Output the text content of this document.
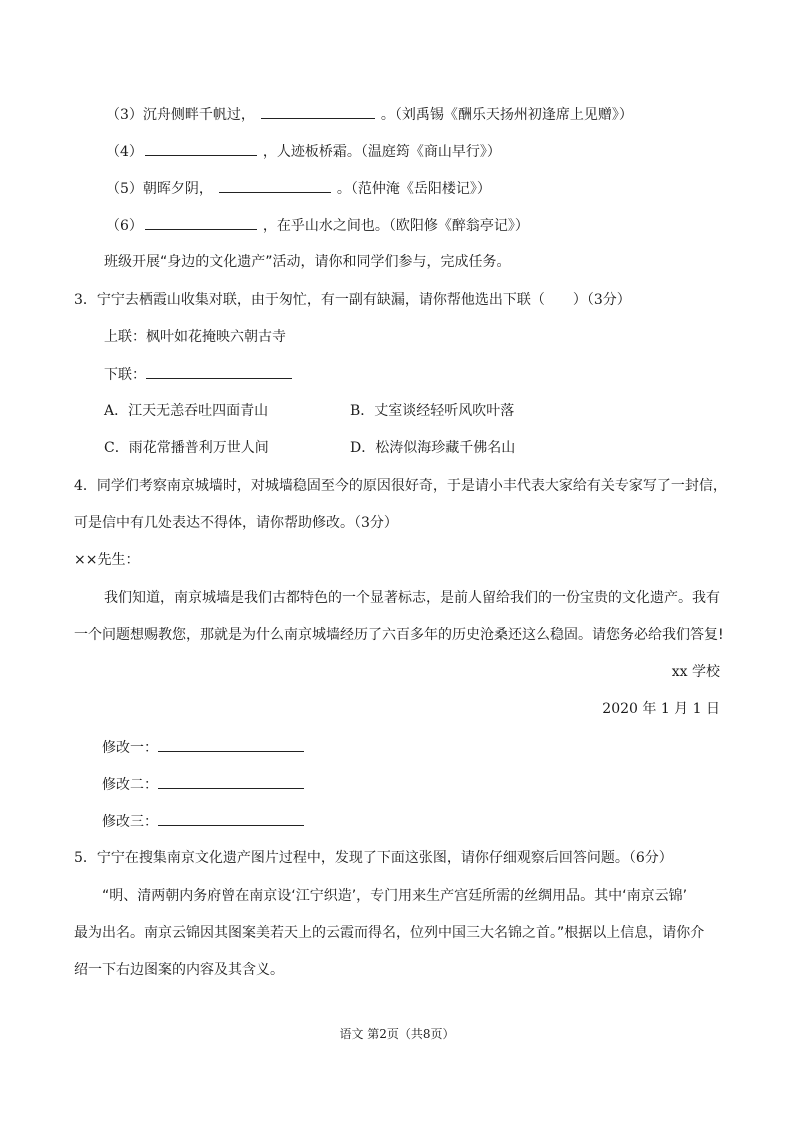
（3）沉舟侧畔千帆过，	。（刘禹锡《酬乐天扬州初逢席上见赠》）
（4）	，人迹板桥霜。（温庭筠《商山早行》）
（5）朝晖夕阴，	。（范仲淹《岳阳楼记》）
（6）	，在乎山水之间也。（欧阳修《醉翁亭记》）
班级开展“身边的文化遗产”活动，请你和同学们参与，完成任务。
3．宁宁去栖霞山收集对联，由于匆忙，有一副有缺漏，请你帮他选出下联（　　）（3分）
上联：枫叶如花掩映六朝古寺
下联：
A．江天无恙吞吐四面青山	B．丈室谈经轻听风吹叶落
C．雨花常播普利万世人间	D．松涛似海珍藏千佛名山
4．同学们考察南京城墙时，对城墙稳固至今的原因很好奇，于是请小丰代表大家给有关专家写了一封信，
可是信中有几处表达不得体，请你帮助修改。（3分）
××先生：
我们知道，南京城墙是我们古都特色的一个显著标志，是前人留给我们的一份宝贵的文化遗产。我有
一个问题想赐教您，那就是为什么南京城墙经历了六百多年的历史沧桑还这么稳固。请您务必给我们答复!
xx 学校
2020 年 1 月 1 日
修改一：
修改二：
修改三：
5．宁宁在搜集南京文化遗产图片过程中，发现了下面这张图，请你仔细观察后回答问题。（6分）
“明、清两朝内务府曾在南京设‘江宁织造’，专门用来生产宫廷所需的丝绸用品。其中‘南京云锦’
最为出名。南京云锦因其图案美若天上的云霞而得名，位列中国三大名锦之首。”根据以上信息，请你介
绍一下右边图案的内容及其含义。
语文 第2页（共8页）
